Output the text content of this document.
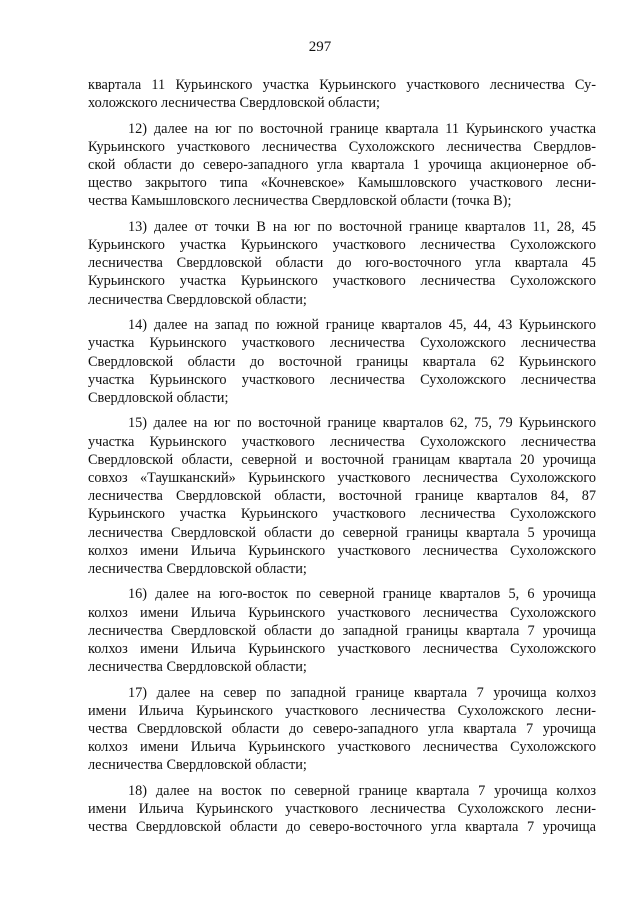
297
квартала 11 Курьинского участка Курьинского участкового лесничества Су-
холожского лесничества Свердловской области;
12) далее на юг по восточной границе квартала 11 Курьинского участка
Курьинского участкового лесничества Сухоложского лесничества Свердлов-
ской области до северо-западного угла квартала 1 урочища акционерное об-
щество закрытого типа «Кочневское» Камышловского участкового лесни-
чества Камышловского лесничества Свердловской области (точка В);
13) далее от точки В на юг по восточной границе кварталов 11, 28, 45
Курьинского участка Курьинского участкового лесничества Сухоложского
лесничества Свердловской области до юго-восточного угла квартала 45
Курьинского участка Курьинского участкового лесничества Сухоложского
лесничества Свердловской области;
14) далее на запад по южной границе кварталов 45, 44, 43 Курьинского
участка Курьинского участкового лесничества Сухоложского лесничества
Свердловской области до восточной границы квартала 62 Курьинского
участка Курьинского участкового лесничества Сухоложского лесничества
Свердловской области;
15) далее на юг по восточной границе кварталов 62, 75, 79 Курьинского
участка Курьинского участкового лесничества Сухоложского лесничества
Свердловской области, северной и восточной границам квартала 20 урочища
совхоз «Таушканский» Курьинского участкового лесничества Сухоложского
лесничества Свердловской области, восточной границе кварталов 84, 87
Курьинского участка Курьинского участкового лесничества Сухоложского
лесничества Свердловской области до северной границы квартала 5 урочища
колхоз имени Ильича Курьинского участкового лесничества Сухоложского
лесничества Свердловской области;
16) далее на юго-восток по северной границе кварталов 5, 6 урочища
колхоз имени Ильича Курьинского участкового лесничества Сухоложского
лесничества Свердловской области до западной границы квартала 7 урочища
колхоз имени Ильича Курьинского участкового лесничества Сухоложского
лесничества Свердловской области;
17) далее на север по западной границе квартала 7 урочища колхоз
имени Ильича Курьинского участкового лесничества Сухоложского лесни-
чества Свердловской области до северо-западного угла квартала 7 урочища
колхоз имени Ильича Курьинского участкового лесничества Сухоложского
лесничества Свердловской области;
18) далее на восток по северной границе квартала 7 урочища колхоз
имени Ильича Курьинского участкового лесничества Сухоложского лесни-
чества Свердловской области до северо-восточного угла квартала 7 урочища
